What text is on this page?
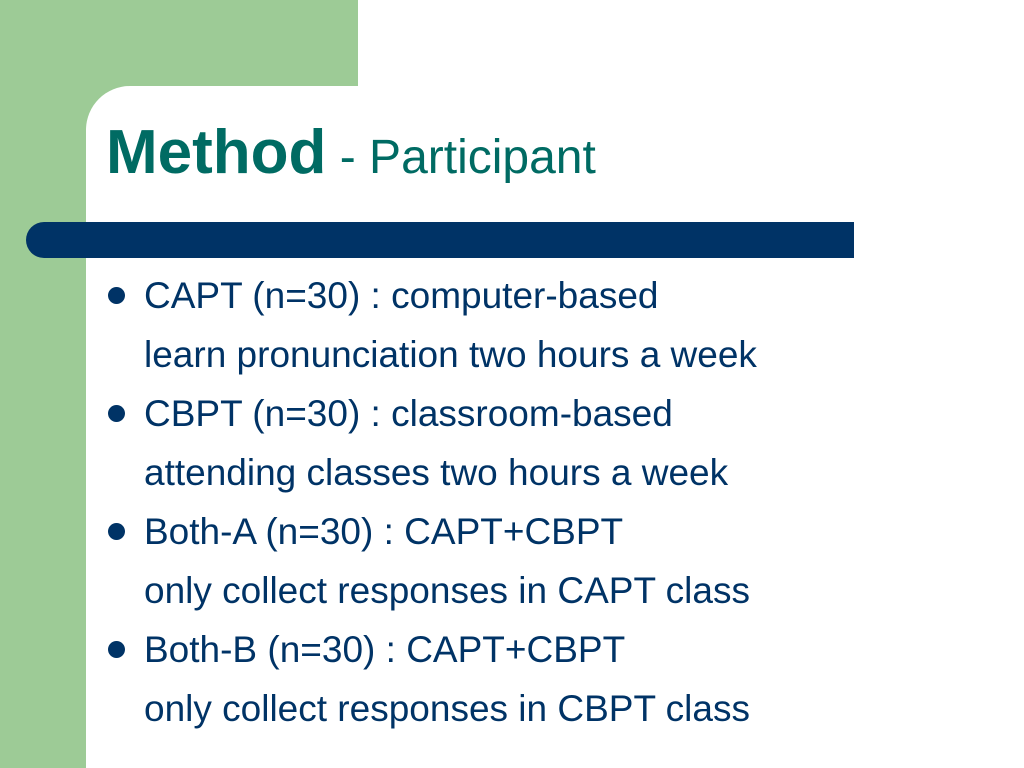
Method - Participant
CAPT (n=30) : computer-based
learn pronunciation two hours a week
CBPT (n=30) : classroom-based
attending classes two hours a week
Both-A (n=30) : CAPT+CBPT
only collect responses in CAPT class
Both-B (n=30) : CAPT+CBPT
only collect responses in CBPT class
